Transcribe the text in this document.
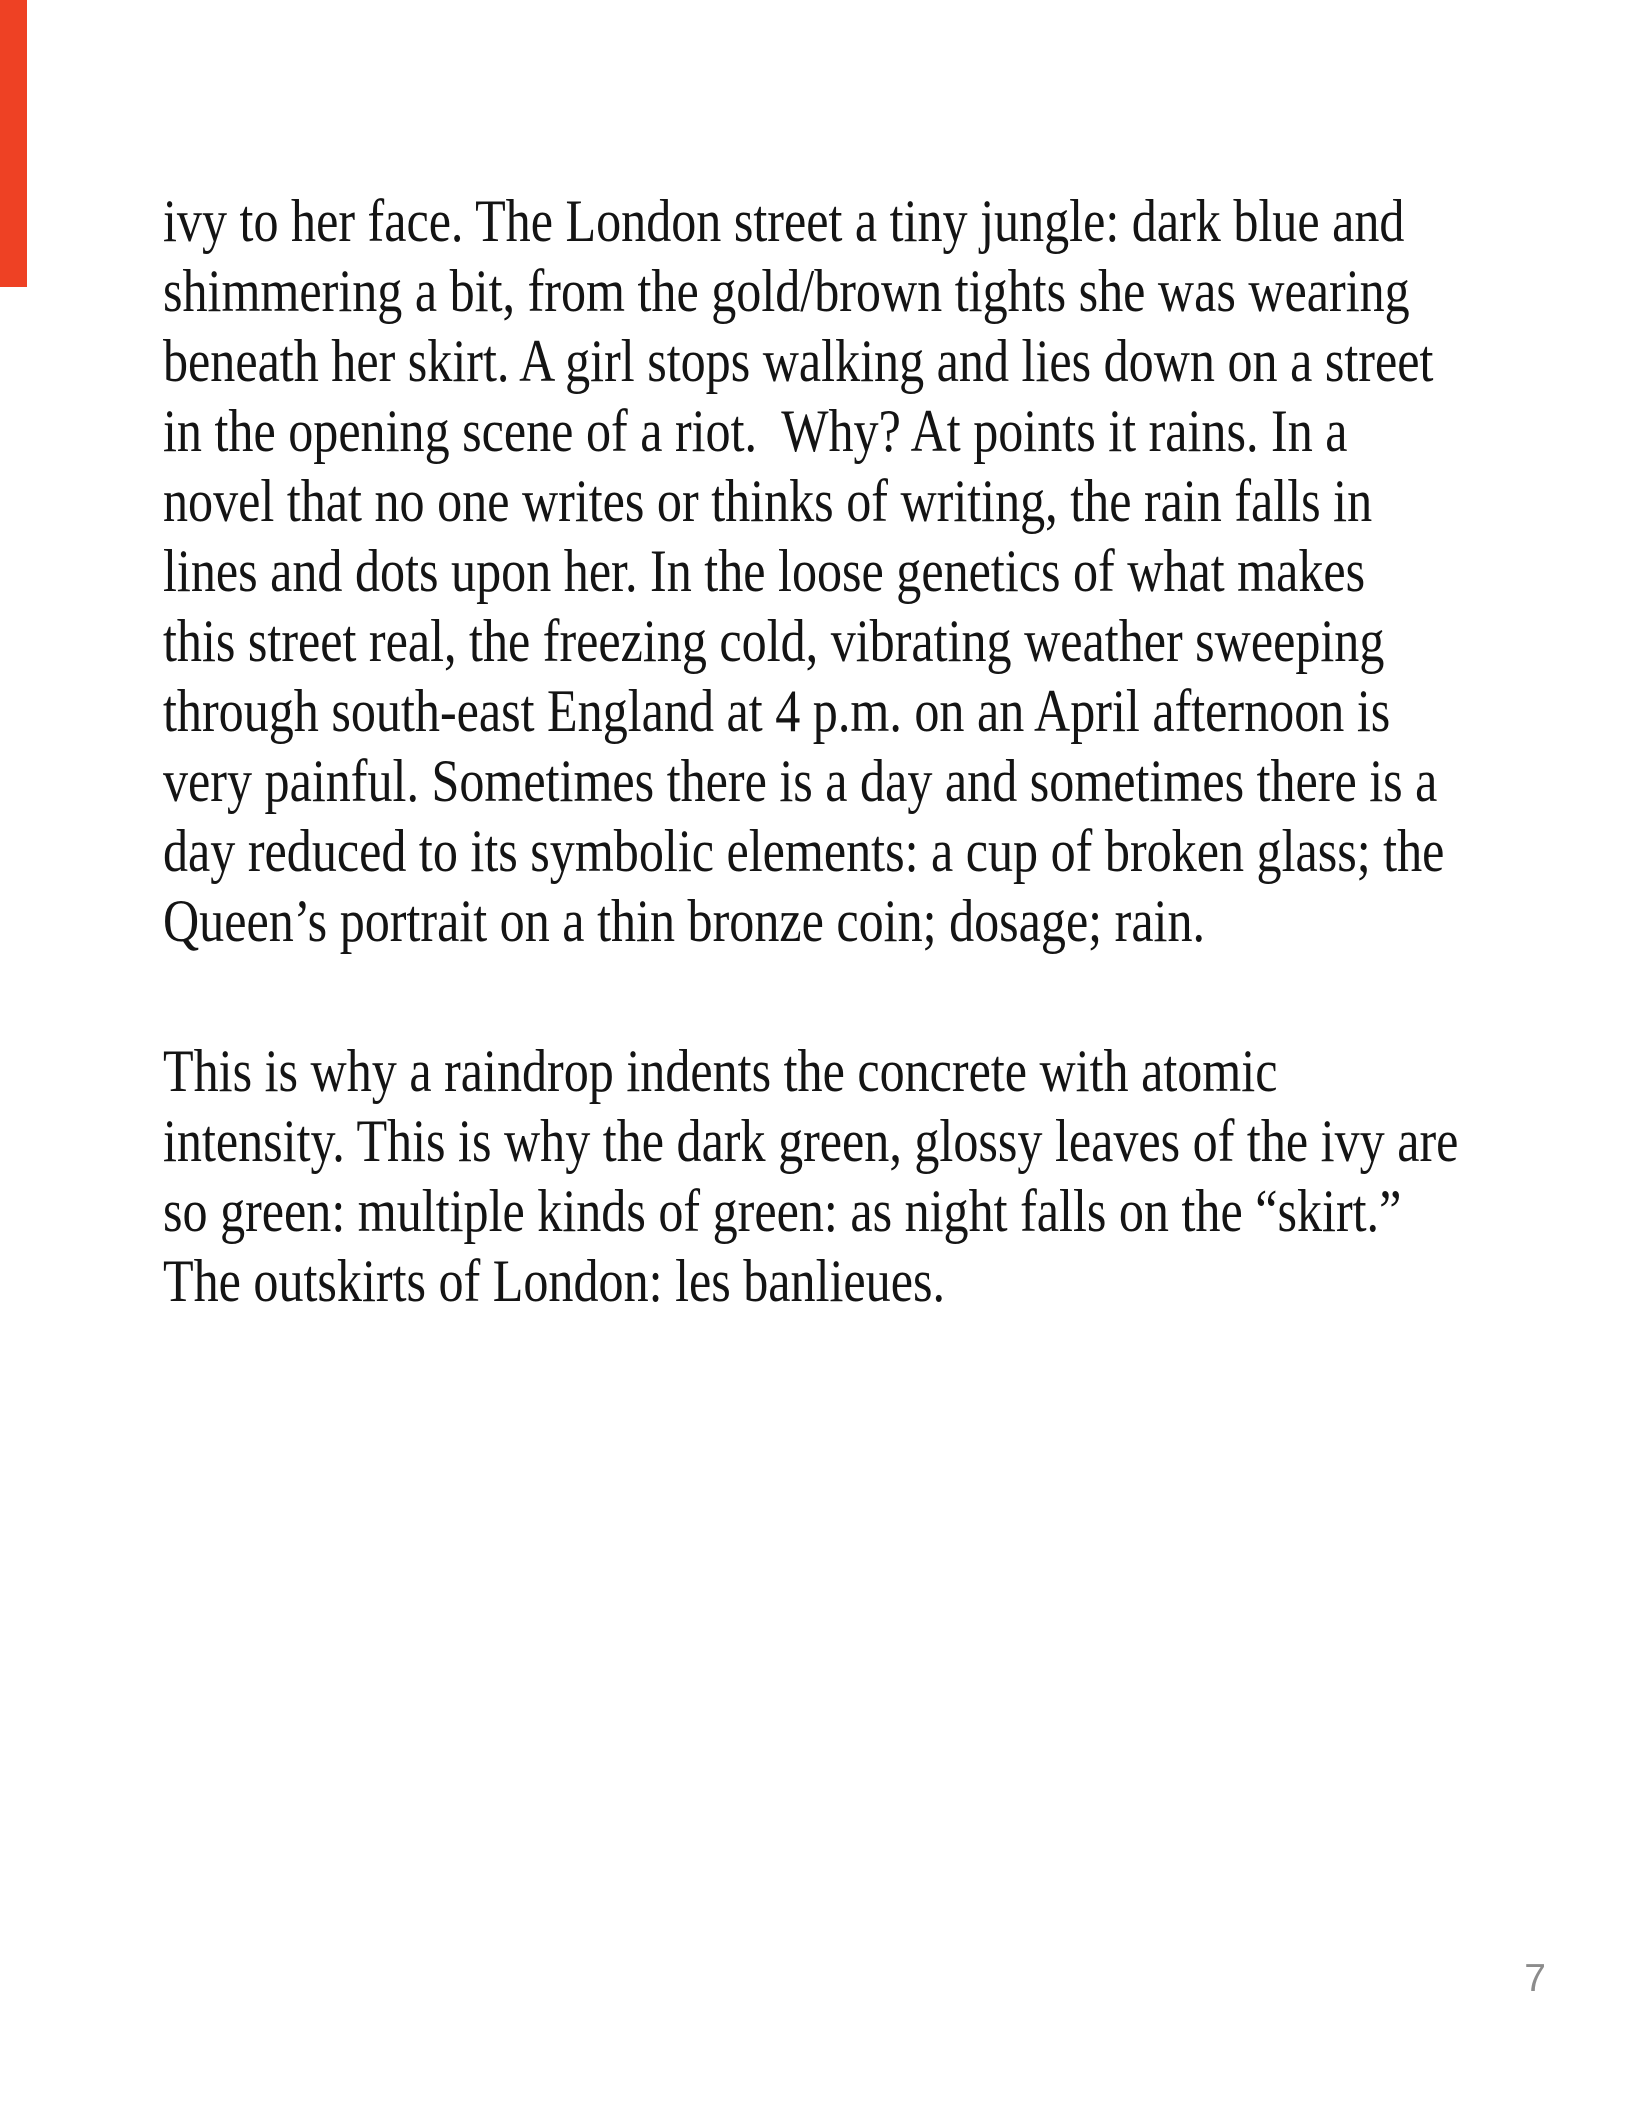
ivy to her face. The London street a tiny jungle: dark blue and
shimmering a bit, from the gold/brown tights she was wearing
beneath her skirt. A girl stops walking and lies down on a street
in the opening scene of a riot.  Why? At points it rains. In a
novel that no one writes or thinks of writing, the rain falls in
lines and dots upon her. In the loose genetics of what makes
this street real, the freezing cold, vibrating weather sweeping
through south-east England at 4 p.m. on an April afternoon is
very painful. Sometimes there is a day and sometimes there is a
day reduced to its symbolic elements: a cup of broken glass; the
Queen’s portrait on a thin bronze coin; dosage; rain.
This is why a raindrop indents the concrete with atomic
intensity. This is why the dark green, glossy leaves of the ivy are
so green: multiple kinds of green: as night falls on the “skirt.”
The outskirts of London: les banlieues.
7
